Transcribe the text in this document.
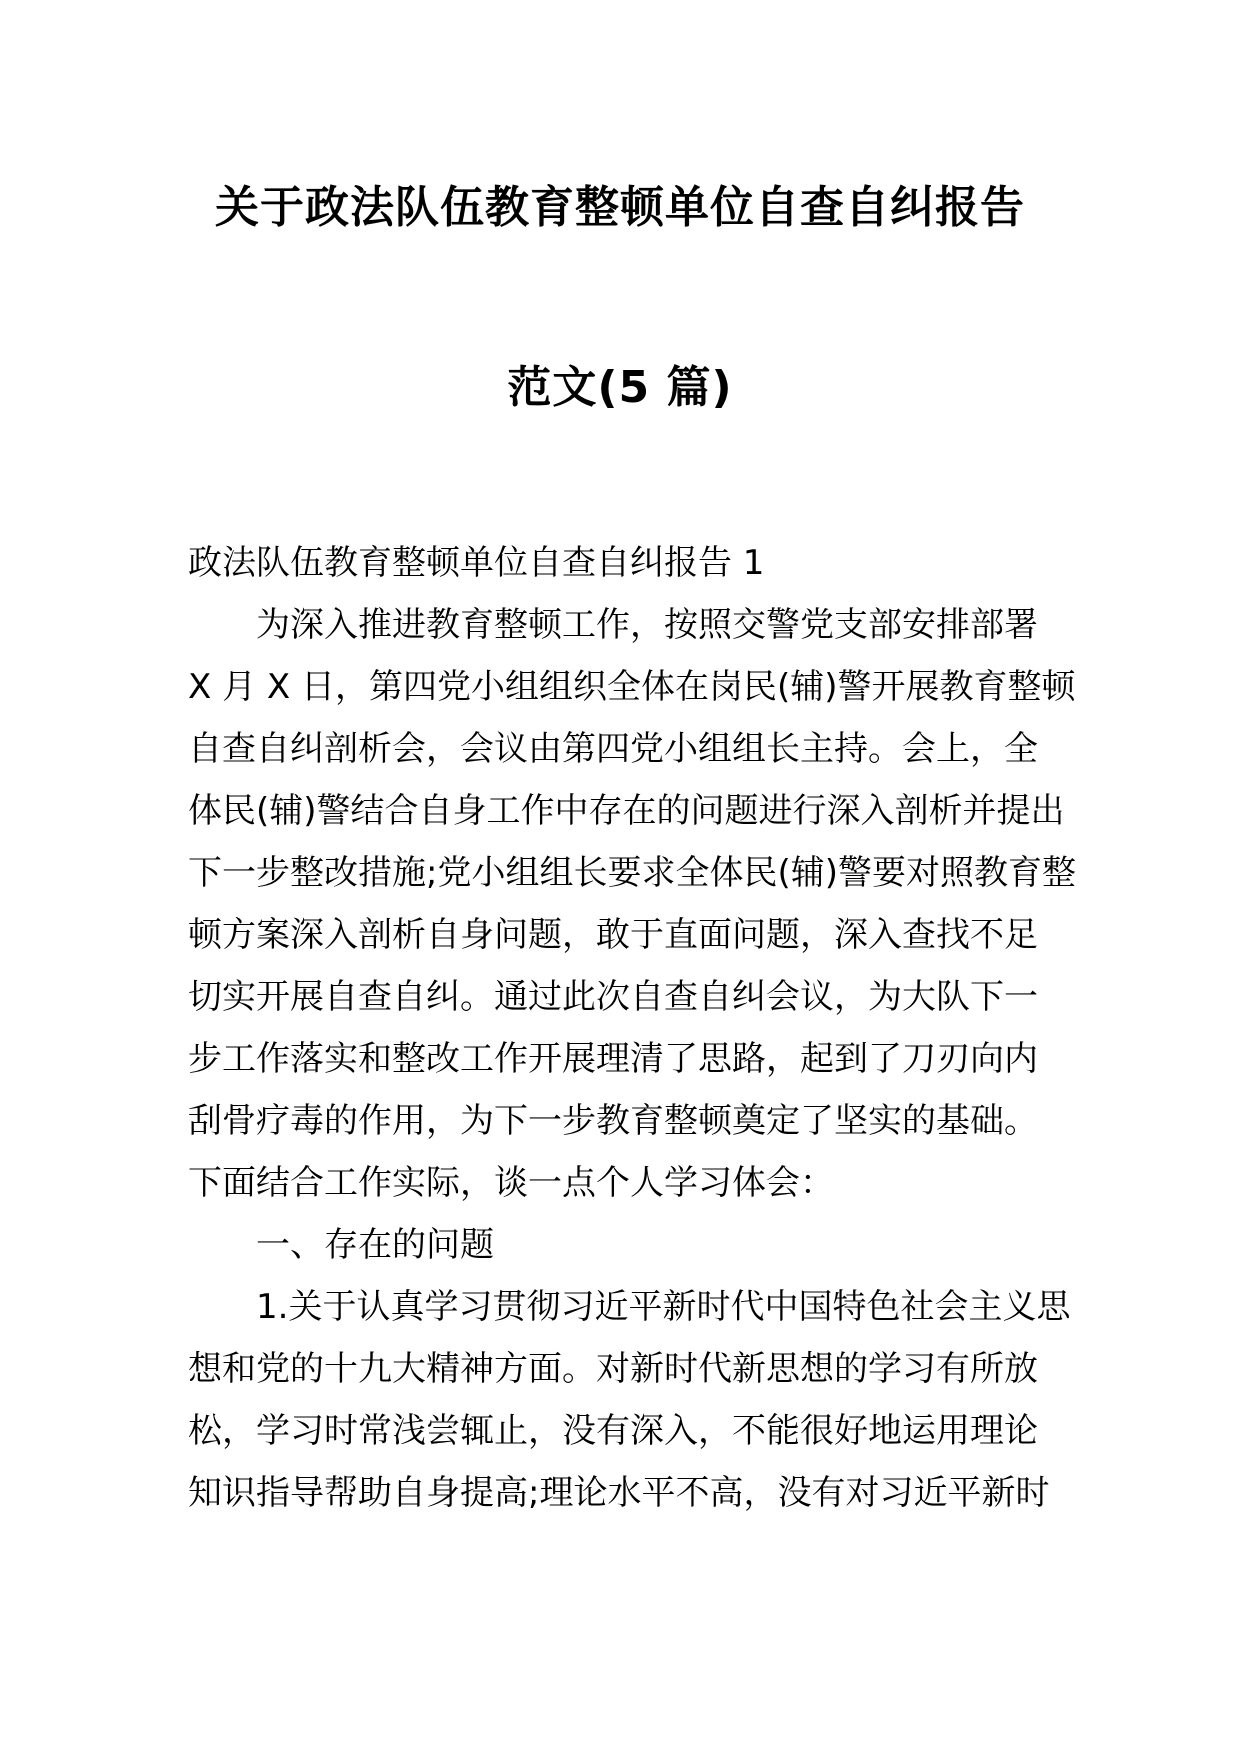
关于政法队伍教育整顿单位自查自纠报告
范文(5 篇)
政法队伍教育整顿单位自查自纠报告 1
为深入推进教育整顿工作，按照交警党支部安排部署
X 月 X 日，第四党小组组织全体在岗民(辅)警开展教育整顿
自查自纠剖析会，会议由第四党小组组长主持。会上，全
体民(辅)警结合自身工作中存在的问题进行深入剖析并提出
下一步整改措施;党小组组长要求全体民(辅)警要对照教育整
顿方案深入剖析自身问题，敢于直面问题，深入查找不足
切实开展自查自纠。通过此次自查自纠会议，为大队下一
步工作落实和整改工作开展理清了思路，起到了刀刃向内
刮骨疗毒的作用，为下一步教育整顿奠定了坚实的基础。
下面结合工作实际，谈一点个人学习体会：
一、存在的问题
1.关于认真学习贯彻习近平新时代中国特色社会主义思
想和党的十九大精神方面。对新时代新思想的学习有所放
松，学习时常浅尝辄止，没有深入，不能很好地运用理论
知识指导帮助自身提高;理论水平不高，没有对习近平新时
